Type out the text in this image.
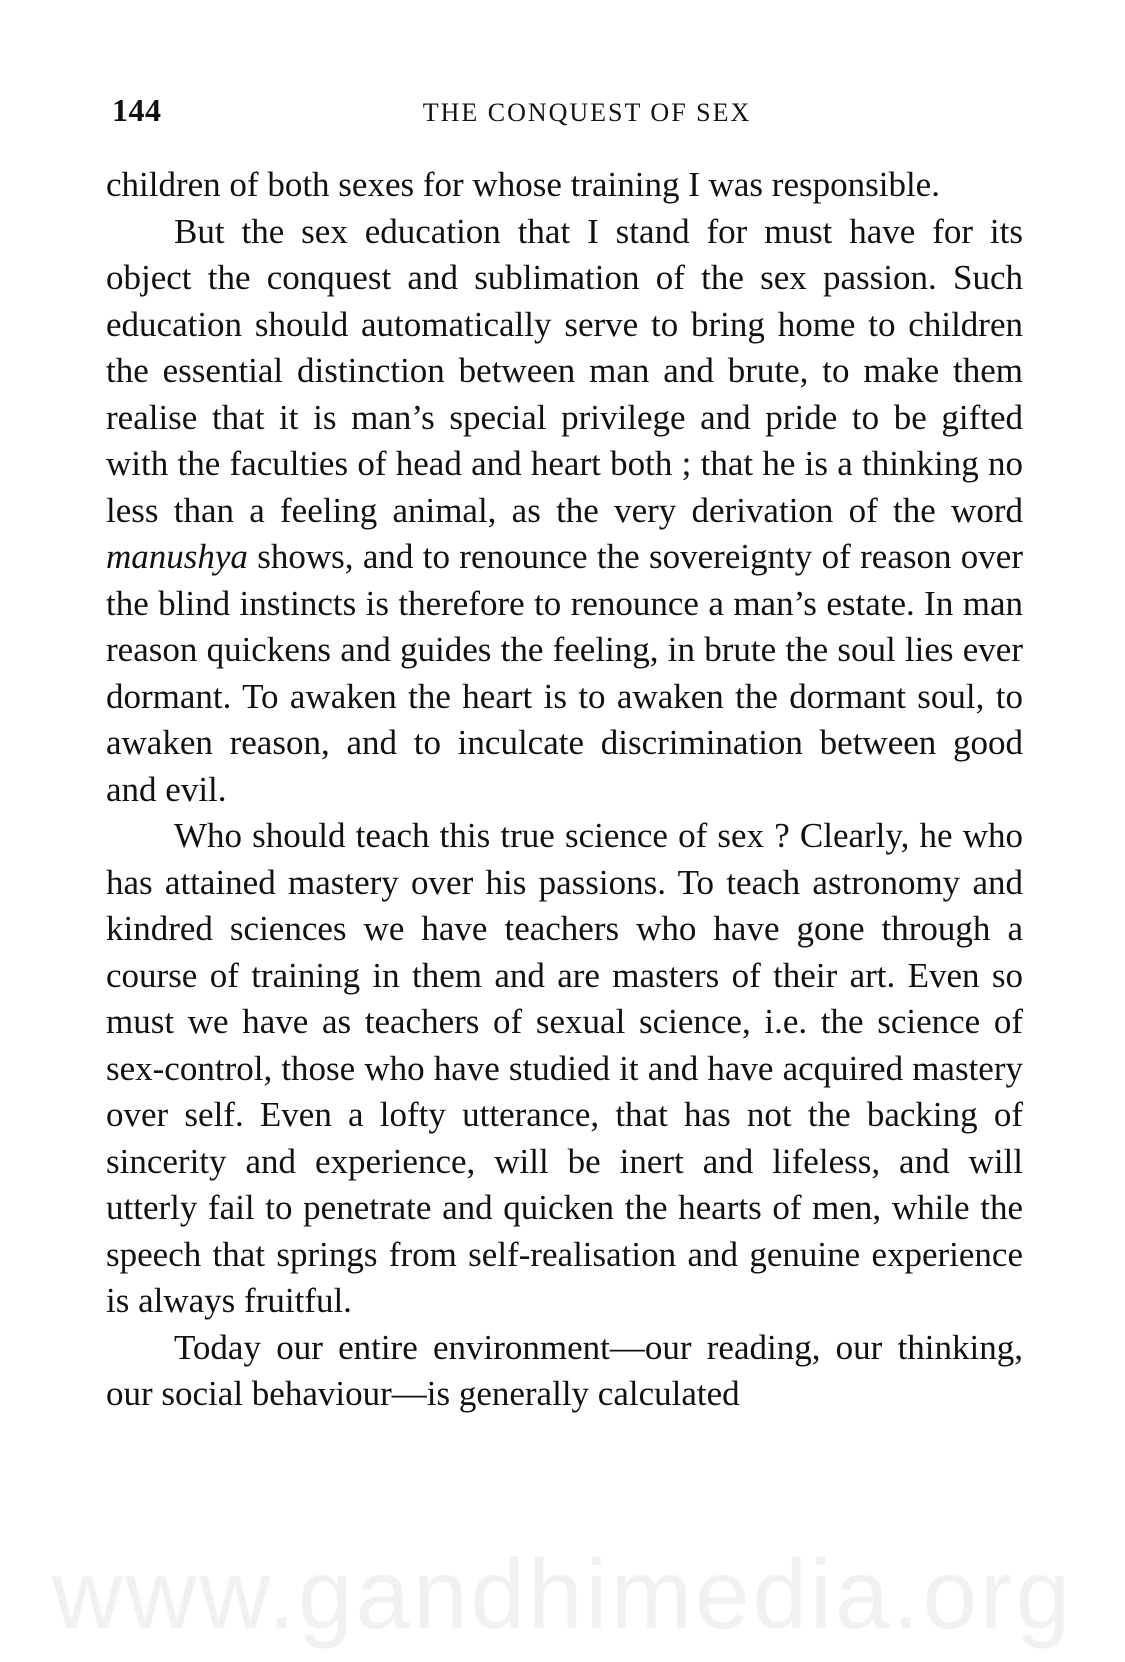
144	THE CONQUEST OF SEX

children of both sexes for whose training I was responsible.

But the sex education that I stand for must have for its object the conquest and sublimation of the sex passion. Such education should automatically serve to bring home to children the essential distinction between man and brute, to make them realise that it is man’s special privilege and pride to be gifted with the faculties of head and heart both ; that he is a thinking no less than a feeling animal, as the very derivation of the word manushya shows, and to renounce the sovereignty of reason over the blind instincts is therefore to renounce a man’s estate. In man reason quickens and guides the feeling, in brute the soul lies ever dormant. To awaken the heart is to awaken the dormant soul, to awaken reason, and to inculcate discrimination between good and evil.

Who should teach this true science of sex ? Clearly, he who has attained mastery over his passions. To teach astronomy and kindred sciences we have teachers who have gone through a course of training in them and are masters of their art. Even so must we have as teachers of sexual science, i.e. the science of sex-control, those who have studied it and have acquired mastery over self. Even a lofty utterance, that has not the backing of sincerity and experience, will be inert and lifeless, and will utterly fail to penetrate and quicken the hearts of men, while the speech that springs from self-realisation and genuine experience is always fruitful.

Today our entire environment—our reading, our thinking, our social behaviour—is generally calculated

www.gandhimedia.org
